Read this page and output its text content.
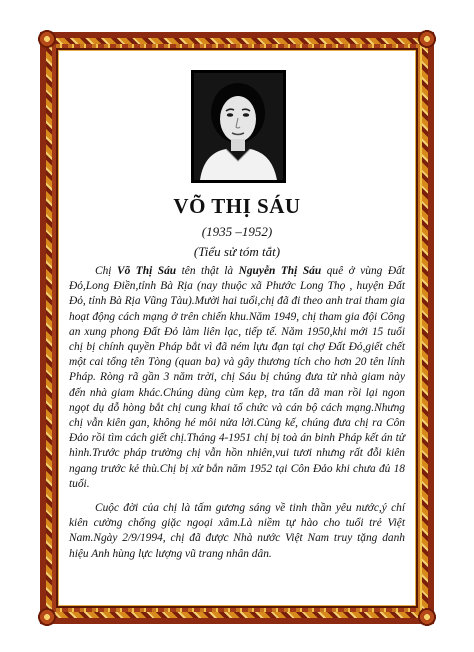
VÕ THỊ SÁU
(1935 –1952)
(Tiểu sử tóm tắt)

Chị Võ Thị Sáu tên thật là Nguyễn Thị Sáu quê ở vùng Đất Đỏ,Long Điền,tỉnh Bà Rịa (nay thuộc xã Phước Long Thọ , huyện Đất Đỏ, tỉnh Bà Rịa Vũng Tàu).Mười hai tuổi,chị đã đi theo anh trai tham gia hoạt động cách mạng ở trên chiến khu.Năm 1949, chị tham gia đội Công an xung phong Đất Đỏ làm liên lạc, tiếp tế. Năm 1950,khi mới 15 tuổi chị bị chính quyền Pháp bắt vì đã ném lựu đạn tại chợ Đất Đỏ,giết chết một cai tổng tên Tòng (quan ba) và gây thương tích cho hơn 20 tên lính Pháp. Ròng rã gần 3 năm trời, chị Sáu bị chúng đưa từ nhà giam này đến nhà giam khác.Chúng dùng cùm kẹp, tra tấn dã man rồi lại ngon ngọt dụ dỗ hòng bắt chị cung khai tổ chức và cán bộ cách mạng.Nhưng chị vẫn kiên gan, không hé môi nửa lời.Cùng kế, chúng đưa chị ra Côn Đảo rồi tìm cách giết chị.Tháng 4-1951 chị bị toà án binh Pháp kết án tử hình.Trước pháp trường chị vẫn hồn nhiên,vui tươi nhưng rất đỗi kiên ngang trước kẻ thù.Chị bị xử bắn năm 1952 tại Côn Đảo khi chưa đủ 18 tuổi.

Cuộc đời của chị là tấm gương sáng về tinh thần yêu nước,ý chí kiên cường chống giặc ngoại xâm.Là niềm tự hào cho tuổi trẻ Việt Nam.Ngày 2/9/1994, chị đã được Nhà nước Việt Nam truy tặng danh hiệu Anh hùng lực lượng vũ trang nhân dân.
